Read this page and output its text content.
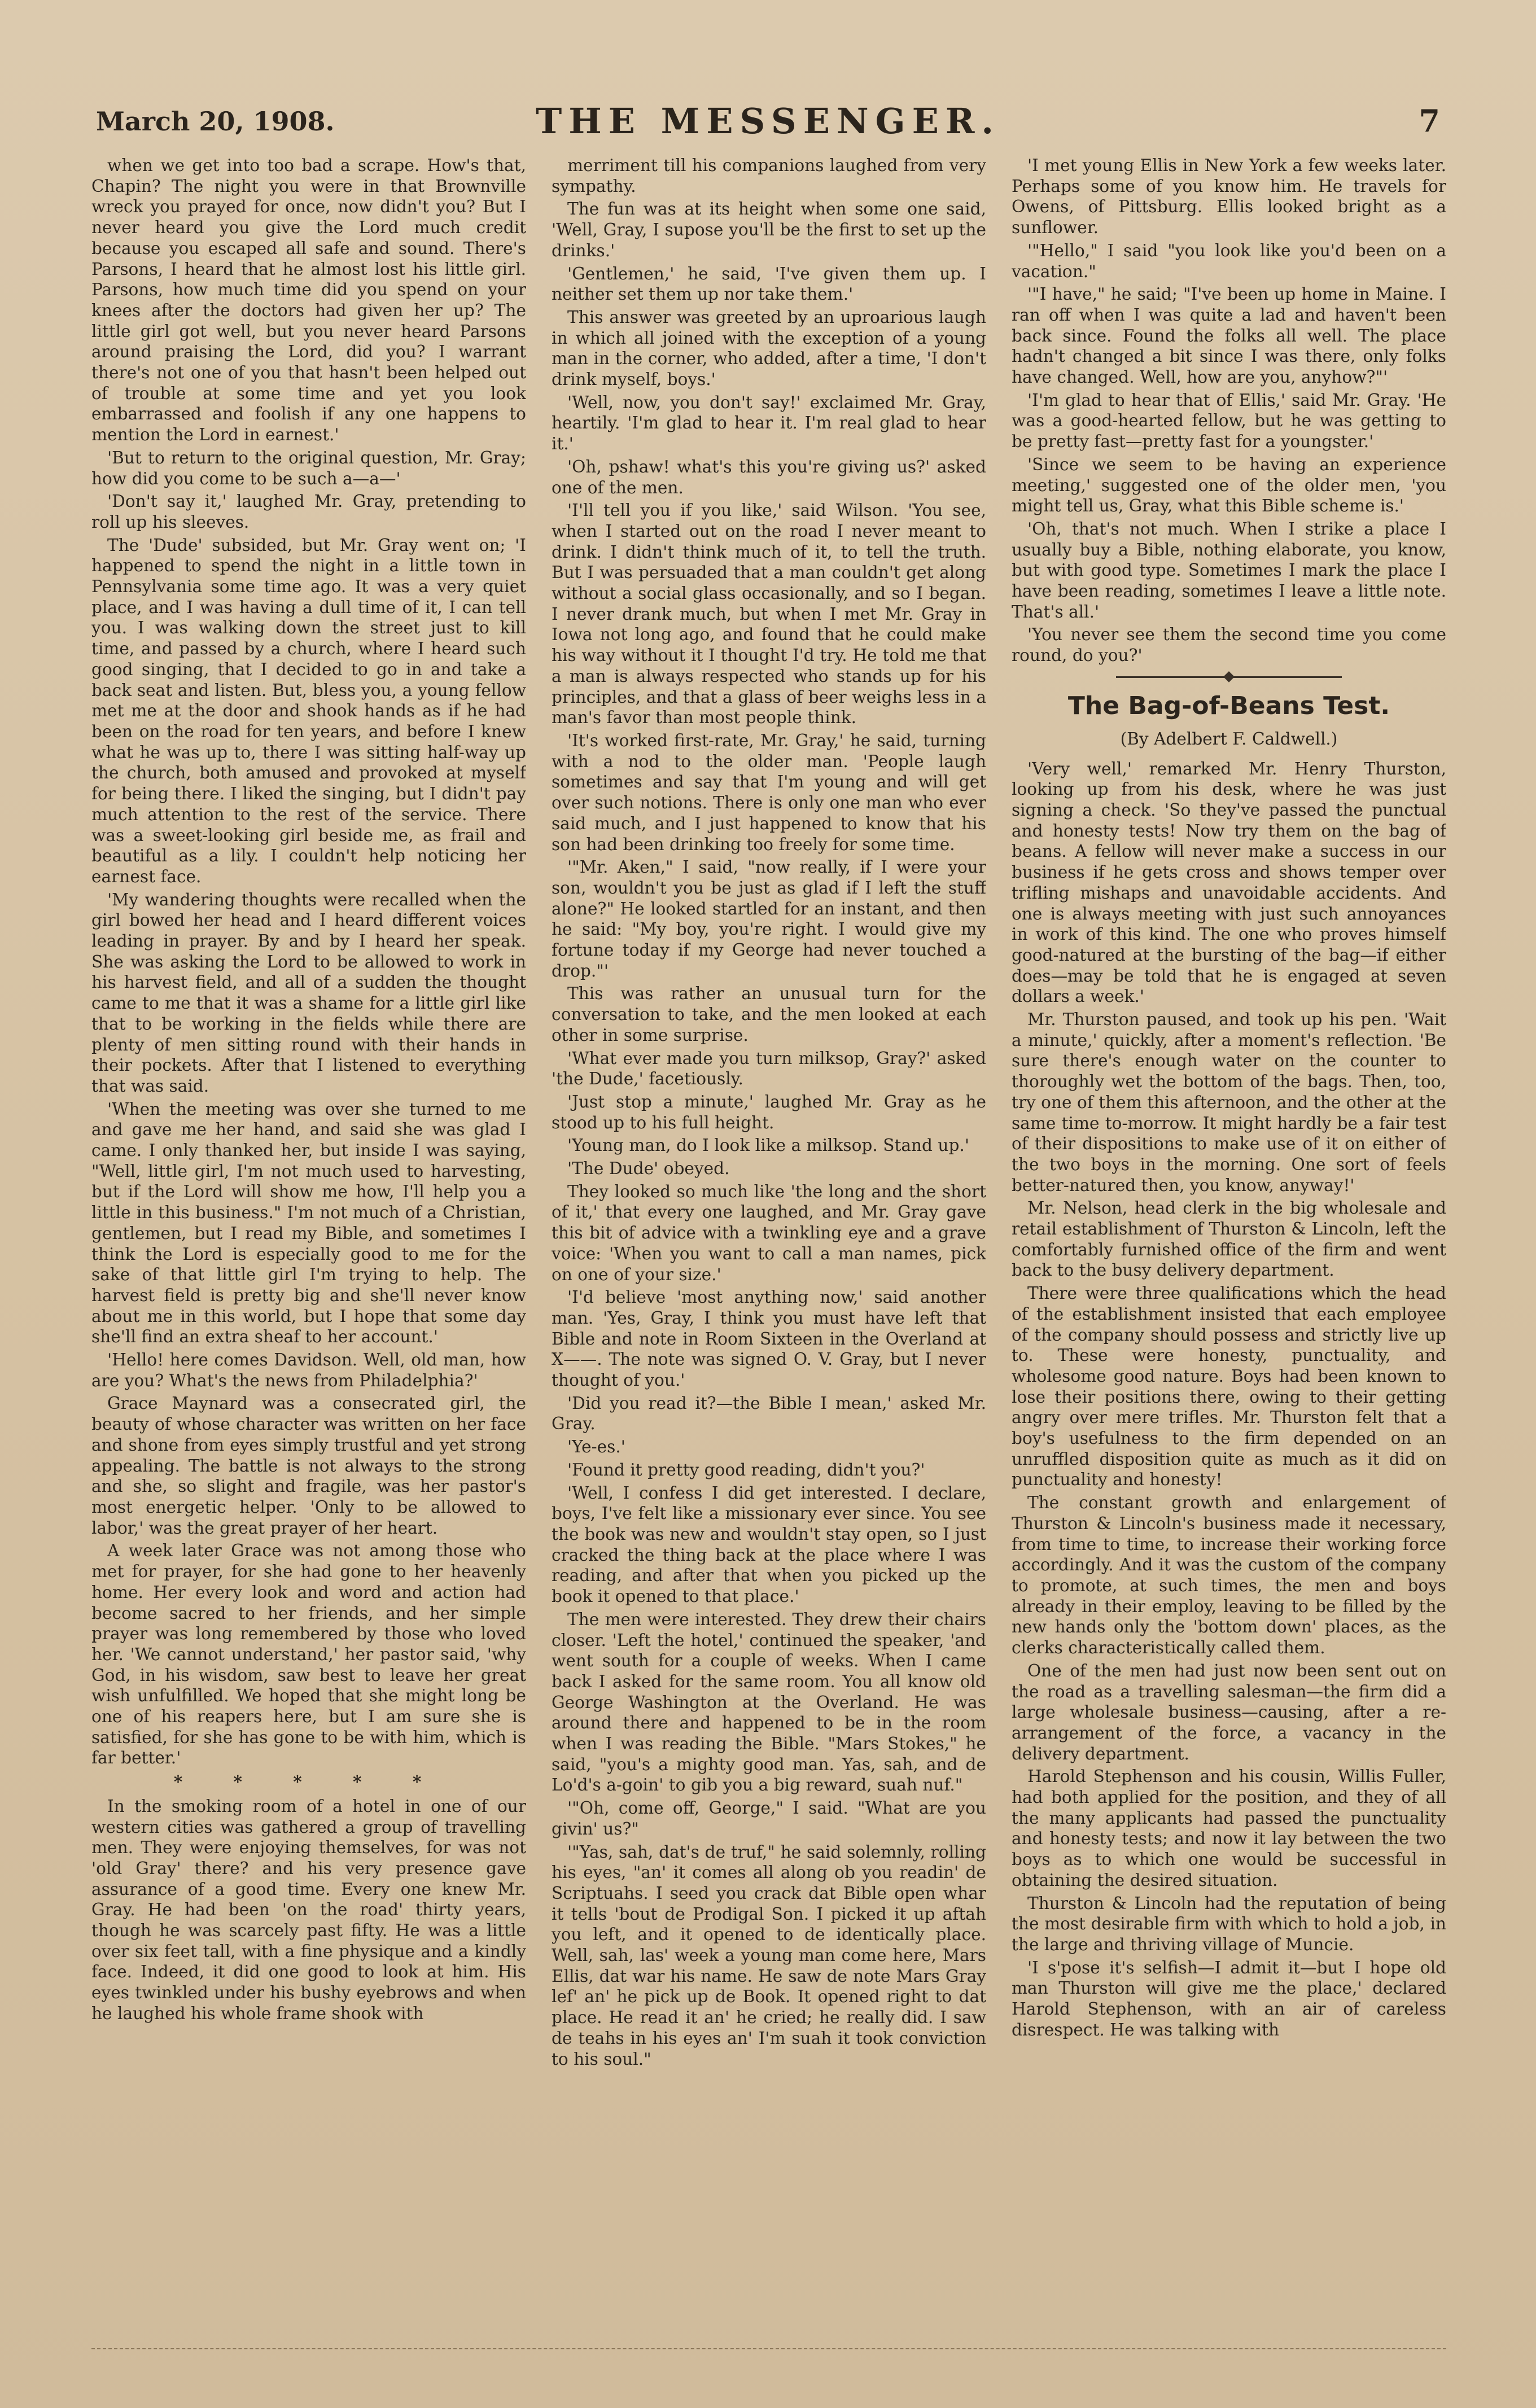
March 20, 1908.	THE MESSENGER.	7

when we get into too bad a scrape. How's that, Chapin? The night you were in that Brownville wreck you prayed for once, now didn't you? But I never heard you give the Lord much credit because you escaped all safe and sound. There's Parsons, I heard that he almost lost his little girl. Parsons, how much time did you spend on your knees after the doctors had given her up? The little girl got well, but you never heard Parsons around praising the Lord, did you? I warrant there's not one of you that hasn't been helped out of trouble at some time and yet you look embarrassed and foolish if any one happens to mention the Lord in earnest.'

'But to return to the original question, Mr. Gray; how did you come to be such a—a—'

'Don't say it,' laughed Mr. Gray, pretending to roll up his sleeves.

The 'Dude' subsided, but Mr. Gray went on; 'I happened to spend the night in a little town in Pennsylvania some time ago. It was a very quiet place, and I was having a dull time of it, I can tell you. I was walking down the street just to kill time, and passed by a church, where I heard such good singing, that I decided to go in and take a back seat and listen. But, bless you, a young fellow met me at the door and shook hands as if he had been on the road for ten years, and before I knew what he was up to, there I was sitting half-way up the church, both amused and provoked at myself for being there. I liked the singing, but I didn't pay much attention to the rest of the service. There was a sweet-looking girl beside me, as frail and beautiful as a lily. I couldn't help noticing her earnest face.

'My wandering thoughts were recalled when the girl bowed her head and I heard different voices leading in prayer. By and by I heard her speak. She was asking the Lord to be allowed to work in his harvest field, and all of a sudden the thought came to me that it was a shame for a little girl like that to be working in the fields while there are plenty of men sitting round with their hands in their pockets. After that I listened to everything that was said.

'When the meeting was over she turned to me and gave me her hand, and said she was glad I came. I only thanked her, but inside I was saying, "Well, little girl, I'm not much used to harvesting, but if the Lord will show me how, I'll help you a little in this business." I'm not much of a Christian, gentlemen, but I read my Bible, and sometimes I think the Lord is especially good to me for the sake of that little girl I'm trying to help. The harvest field is pretty big and she'll never know about me in this world, but I hope that some day she'll find an extra sheaf to her account.'

'Hello! here comes Davidson. Well, old man, how are you? What's the news from Philadelphia?'

Grace Maynard was a consecrated girl, the beauty of whose character was written on her face and shone from eyes simply trustful and yet strong appealing. The battle is not always to the strong and she, so slight and fragile, was her pastor's most energetic helper. 'Only to be allowed to labor,' was the great prayer of her heart.

A week later Grace was not among those who met for prayer, for she had gone to her heavenly home. Her every look and word and action had become sacred to her friends, and her simple prayer was long remembered by those who loved her. 'We cannot understand,' her pastor said, 'why God, in his wisdom, saw best to leave her great wish unfulfilled. We hoped that she might long be one of his reapers here, but I am sure she is satisfied, for she has gone to be with him, which is far better.'

* * * * *

In the smoking room of a hotel in one of our western cities was gathered a group of travelling men. They were enjoying themselves, for was not 'old Gray' there? and his very presence gave assurance of a good time. Every one knew Mr. Gray. He had been 'on the road' thirty years, though he was scarcely past fifty. He was a little over six feet tall, with a fine physique and a kindly face. Indeed, it did one good to look at him. His eyes twinkled under his bushy eyebrows and when he laughed his whole frame shook with

merriment till his companions laughed from very sympathy.

The fun was at its height when some one said, 'Well, Gray, I supose you'll be the first to set up the drinks.'

'Gentlemen,' he said, 'I've given them up. I neither set them up nor take them.'

This answer was greeted by an uproarious laugh in which all joined with the exception of a young man in the corner, who added, after a time, 'I don't drink myself, boys.'

'Well, now, you don't say!' exclaimed Mr. Gray, heartily. 'I'm glad to hear it. I'm real glad to hear it.'

'Oh, pshaw! what's this you're giving us?' asked one of the men.

'I'll tell you if you like,' said Wilson. 'You see, when I started out on the road I never meant to drink. I didn't think much of it, to tell the truth. But I was persuaded that a man couldn't get along without a social glass occasionally, and so I began. I never drank much, but when I met Mr. Gray in Iowa not long ago, and found that he could make his way without it I thought I'd try. He told me that a man is always respected who stands up for his principles, and that a glass of beer weighs less in a man's favor than most people think.

'It's worked first-rate, Mr. Gray,' he said, turning with a nod to the older man. 'People laugh sometimes and say that I'm young and will get over such notions. There is only one man who ever said much, and I just happened to know that his son had been drinking too freely for some time.

'"Mr. Aken," I said, "now really, if I were your son, wouldn't you be just as glad if I left the stuff alone?" He looked startled for an instant, and then he said: "My boy, you're right. I would give my fortune today if my George had never touched a drop."'

This was rather an unusual turn for the conversation to take, and the men looked at each other in some surprise.

'What ever made you turn milksop, Gray?' asked 'the Dude,' facetiously.

'Just stop a minute,' laughed Mr. Gray as he stood up to his full height.

'Young man, do I look like a milksop. Stand up.'

'The Dude' obeyed.

They looked so much like 'the long and the short of it,' that every one laughed, and Mr. Gray gave this bit of advice with a twinkling eye and a grave voice: 'When you want to call a man names, pick on one of your size.'

'I'd believe 'most anything now,' said another man. 'Yes, Gray, I think you must have left that Bible and note in Room Sixteen in the Overland at X——. The note was signed O. V. Gray, but I never thought of you.'

'Did you read it?—the Bible I mean,' asked Mr. Gray.

'Ye-es.'

'Found it pretty good reading, didn't you?'

'Well, I confess I did get interested. I declare, boys, I've felt like a missionary ever since. You see the book was new and wouldn't stay open, so I just cracked the thing back at the place where I was reading, and after that when you picked up the book it opened to that place.'

The men were interested. They drew their chairs closer. 'Left the hotel,' continued the speaker, 'and went south for a couple of weeks. When I came back I asked for the same room. You all know old George Washington at the Overland. He was around there and happened to be in the room when I was reading the Bible. "Mars Stokes," he said, "you's a mighty good man. Yas, sah, and de Lo'd's a-goin' to gib you a big reward, suah nuf."

'"Oh, come off, George," I said. "What are you givin' us?"

'"Yas, sah, dat's de truf," he said solemnly, rolling his eyes, "an' it comes all along ob you readin' de Scriptuahs. I seed you crack dat Bible open whar it tells 'bout de Prodigal Son. I picked it up aftah you left, and it opened to de identically place. Well, sah, las' week a young man come here, Mars Ellis, dat war his name. He saw de note Mars Gray lef' an' he pick up de Book. It opened right to dat place. He read it an' he cried; he really did. I saw de teahs in his eyes an' I'm suah it took conviction to his soul."

'I met young Ellis in New York a few weeks later. Perhaps some of you know him. He travels for Owens, of Pittsburg. Ellis looked bright as a sunflower.

'"Hello," I said "you look like you'd been on a vacation."

'"I have," he said; "I've been up home in Maine. I ran off when I was quite a lad and haven't been back since. Found the folks all well. The place hadn't changed a bit since I was there, only folks have changed. Well, how are you, anyhow?"'

'I'm glad to hear that of Ellis,' said Mr. Gray. 'He was a good-hearted fellow, but he was getting to be pretty fast—pretty fast for a youngster.'

'Since we seem to be having an experience meeting,' suggested one of the older men, 'you might tell us, Gray, what this Bible scheme is.'

'Oh, that's not much. When I strike a place I usually buy a Bible, nothing elaborate, you know, but with good type. Sometimes I mark the place I have been reading, sometimes I leave a little note. That's all.'

'You never see them the second time you come round, do you?'

The Bag-of-Beans Test.
(By Adelbert F. Caldwell.)

'Very well,' remarked Mr. Henry Thurston, looking up from his desk, where he was just signing a check. 'So they've passed the punctual and honesty tests! Now try them on the bag of beans. A fellow will never make a success in our business if he gets cross and shows temper over trifling mishaps and unavoidable accidents. And one is always meeting with just such annoyances in work of this kind. The one who proves himself good-natured at the bursting of the bag—if either does—may be told that he is engaged at seven dollars a week.'

Mr. Thurston paused, and took up his pen. 'Wait a minute,' quickly, after a moment's reflection. 'Be sure there's enough water on the counter to thoroughly wet the bottom of the bags. Then, too, try one of them this afternoon, and the other at the same time to-morrow. It might hardly be a fair test of their dispositions to make use of it on either of the two boys in the morning. One sort of feels better-natured then, you know, anyway!'

Mr. Nelson, head clerk in the big wholesale and retail establishment of Thurston & Lincoln, left the comfortably furnished office of the firm and went back to the busy delivery department.

There were three qualifications which the head of the establishment insisted that each employee of the company should possess and strictly live up to. These were honesty, punctuality, and wholesome good nature. Boys had been known to lose their positions there, owing to their getting angry over mere trifles. Mr. Thurston felt that a boy's usefulness to the firm depended on an unruffled disposition quite as much as it did on punctuality and honesty!

The constant growth and enlargement of Thurston & Lincoln's business made it necessary, from time to time, to increase their working force accordingly. And it was the custom of the company to promote, at such times, the men and boys already in their employ, leaving to be filled by the new hands only the 'bottom down' places, as the clerks characteristically called them.

One of the men had just now been sent out on the road as a travelling salesman—the firm did a large wholesale business—causing, after a re-arrangement of the force, a vacancy in the delivery department.

Harold Stephenson and his cousin, Willis Fuller, had both applied for the position, and they of all the many applicants had passed the punctuality and honesty tests; and now it lay between the two boys as to which one would be successful in obtaining the desired situation.

Thurston & Lincoln had the reputation of being the most desirable firm with which to hold a job, in the large and thriving village of Muncie.

'I s'pose it's selfish—I admit it—but I hope old man Thurston will give me the place,' declared Harold Stephenson, with an air of careless disrespect. He was talking with
